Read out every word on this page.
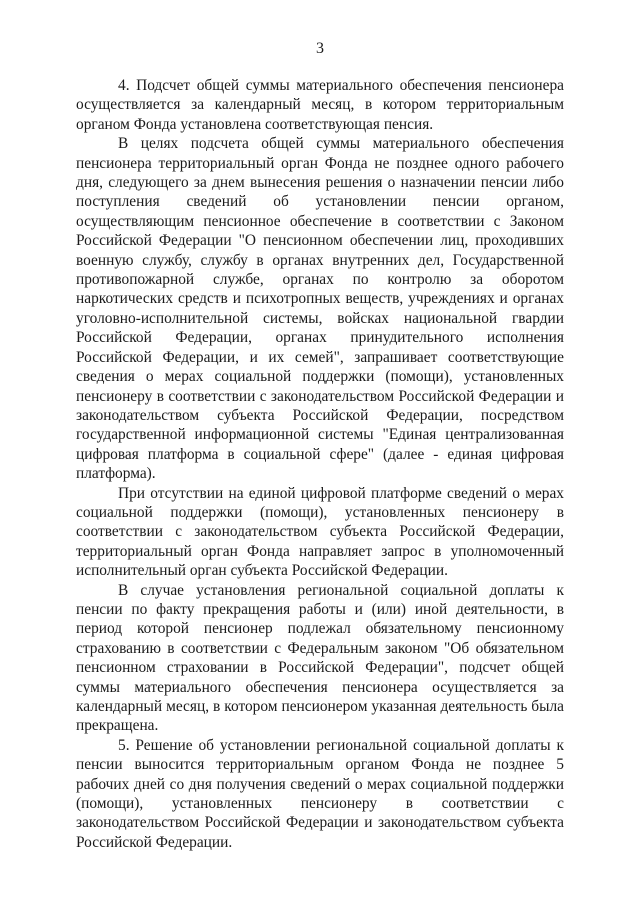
3

4. Подсчет общей суммы материального обеспечения пенсионера осуществляется за календарный месяц, в котором территориальным органом Фонда установлена соответствующая пенсия.

В целях подсчета общей суммы материального обеспечения пенсионера территориальный орган Фонда не позднее одного рабочего дня, следующего за днем вынесения решения о назначении пенсии либо поступления сведений об установлении пенсии органом, осуществляющим пенсионное обеспечение в соответствии с Законом Российской Федерации "О пенсионном обеспечении лиц, проходивших военную службу, службу в органах внутренних дел, Государственной противопожарной службе, органах по контролю за оборотом наркотических средств и психотропных веществ, учреждениях и органах уголовно-исполнительной системы, войсках национальной гвардии Российской Федерации, органах принудительного исполнения Российской Федерации, и их семей", запрашивает соответствующие сведения о мерах социальной поддержки (помощи), установленных пенсионеру в соответствии с законодательством Российской Федерации и законодательством субъекта Российской Федерации, посредством государственной информационной системы "Единая централизованная цифровая платформа в социальной сфере" (далее - единая цифровая платформа).

При отсутствии на единой цифровой платформе сведений о мерах социальной поддержки (помощи), установленных пенсионеру в соответствии с законодательством субъекта Российской Федерации, территориальный орган Фонда направляет запрос в уполномоченный исполнительный орган субъекта Российской Федерации.

В случае установления региональной социальной доплаты к пенсии по факту прекращения работы и (или) иной деятельности, в период которой пенсионер подлежал обязательному пенсионному страхованию в соответствии с Федеральным законом "Об обязательном пенсионном страховании в Российской Федерации", подсчет общей суммы материального обеспечения пенсионера осуществляется за календарный месяц, в котором пенсионером указанная деятельность была прекращена.

5. Решение об установлении региональной социальной доплаты к пенсии выносится территориальным органом Фонда не позднее 5 рабочих дней со дня получения сведений о мерах социальной поддержки (помощи), установленных пенсионеру в соответствии с законодательством Российской Федерации и законодательством субъекта Российской Федерации.
